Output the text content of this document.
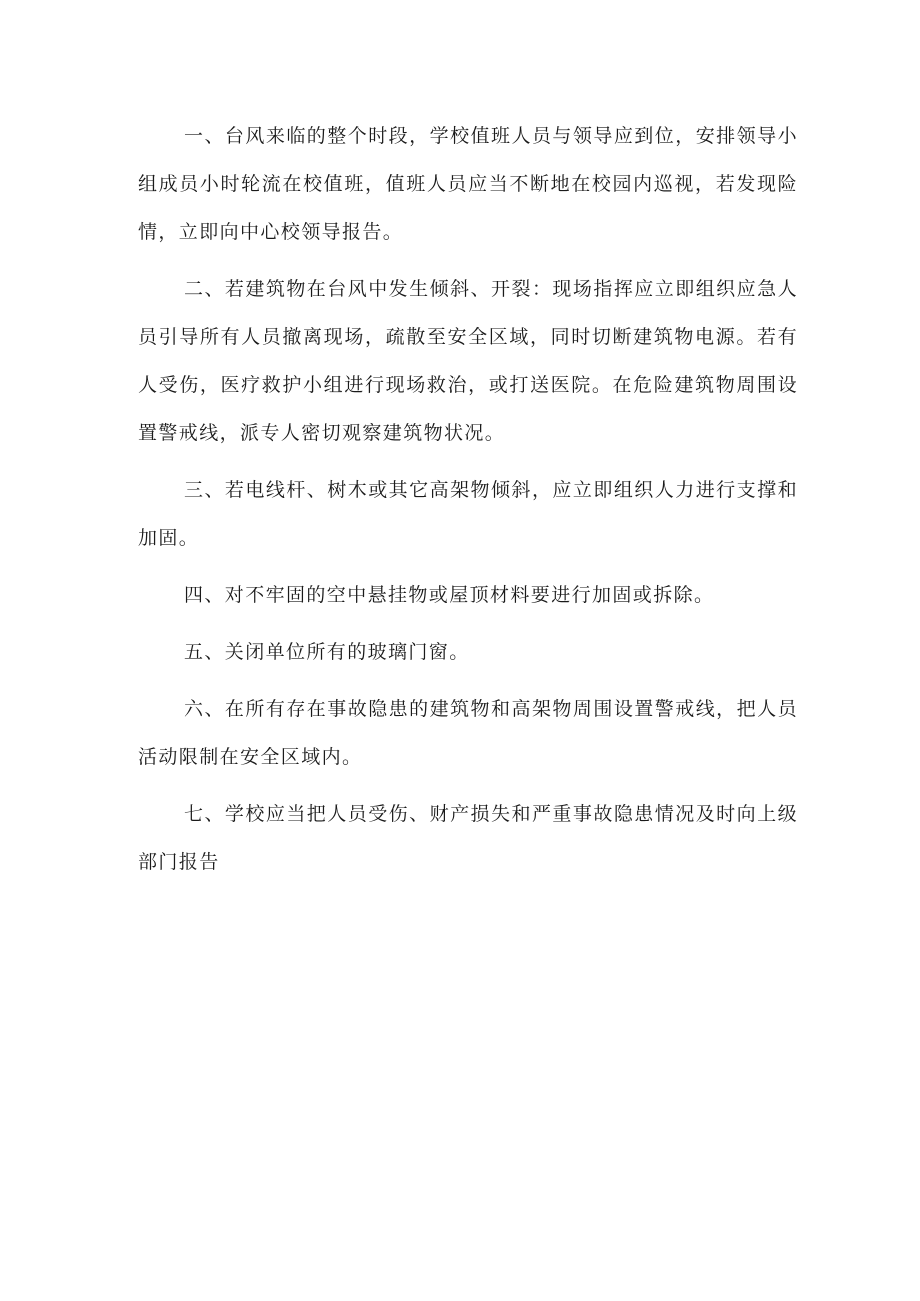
一、台风来临的整个时段，学校值班人员与领导应到位，安排领导小组成员小时轮流在校值班，值班人员应当不断地在校园内巡视，若发现险情，立即向中心校领导报告。

二、若建筑物在台风中发生倾斜、开裂：现场指挥应立即组织应急人员引导所有人员撤离现场，疏散至安全区域，同时切断建筑物电源。若有人受伤，医疗救护小组进行现场救治，或打送医院。在危险建筑物周围设置警戒线，派专人密切观察建筑物状况。

三、若电线杆、树木或其它高架物倾斜，应立即组织人力进行支撑和加固。

四、对不牢固的空中悬挂物或屋顶材料要进行加固或拆除。

五、关闭单位所有的玻璃门窗。

六、在所有存在事故隐患的建筑物和高架物周围设置警戒线，把人员活动限制在安全区域内。

七、学校应当把人员受伤、财产损失和严重事故隐患情况及时向上级部门报告
